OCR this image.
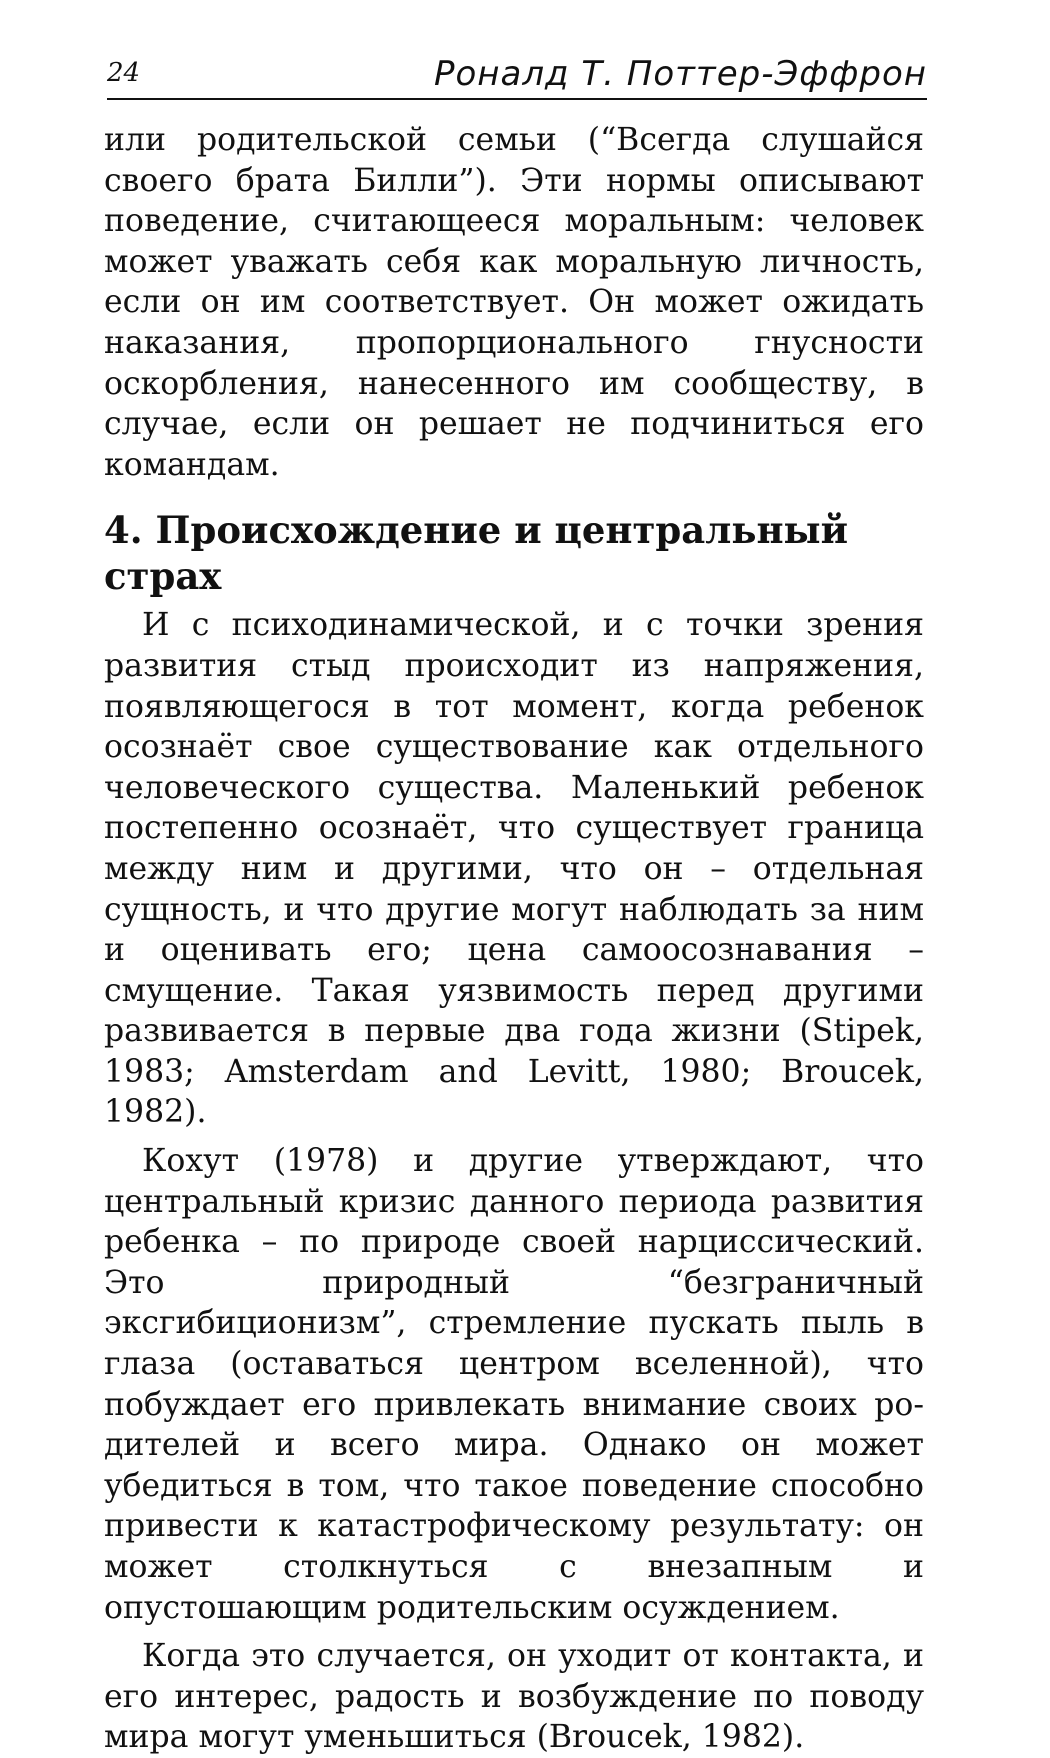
24	Роналд Т. Поттер-Эффрон

или родительской семьи (“Всегда слушайся своего брата Билли”). Эти нормы описывают поведение, считающееся моральным: человек может уважать себя как моральную личность, если он им соответствует. Он может ожидать наказания, пропорционального гнусности оскорбления, нанесенного им сообществу, в случае, если он решает не подчиниться его командам.

4. Происхождение и центральный страх

И с психодинамической, и с точки зрения развития стыд происходит из напряжения, появляющегося в тот момент, когда ребенок осознаёт свое существование как отдельного человеческого существа. Маленький ребенок постепенно осознаёт, что существует граница между ним и другими, что он – отдельная сущность, и что другие могут наблюдать за ним и оценивать его; цена самоосознавания – смущение. Такая уязвимость перед другими развивается в первые два года жизни (Stipek, 1983; Amsterdam and Levitt, 1980; Broucek, 1982).

Кохут (1978) и другие утверждают, что центральный кризис данного периода развития ребенка – по природе своей нарциссический. Это природный “безграничный эксгибиционизм”, стремление пускать пыль в глаза (оставаться центром вселенной), что побуждает его привлекать внимание своих родителей и всего мира. Однако он может убедиться в том, что такое поведение способно привести к катастрофическому результату: он может столкнуться с внезапным и опустошающим родительским осуждением.

Когда это случается, он уходит от контакта, и его интерес, радость и возбуждение по поводу мира могут уменьшиться (Broucek, 1982).
